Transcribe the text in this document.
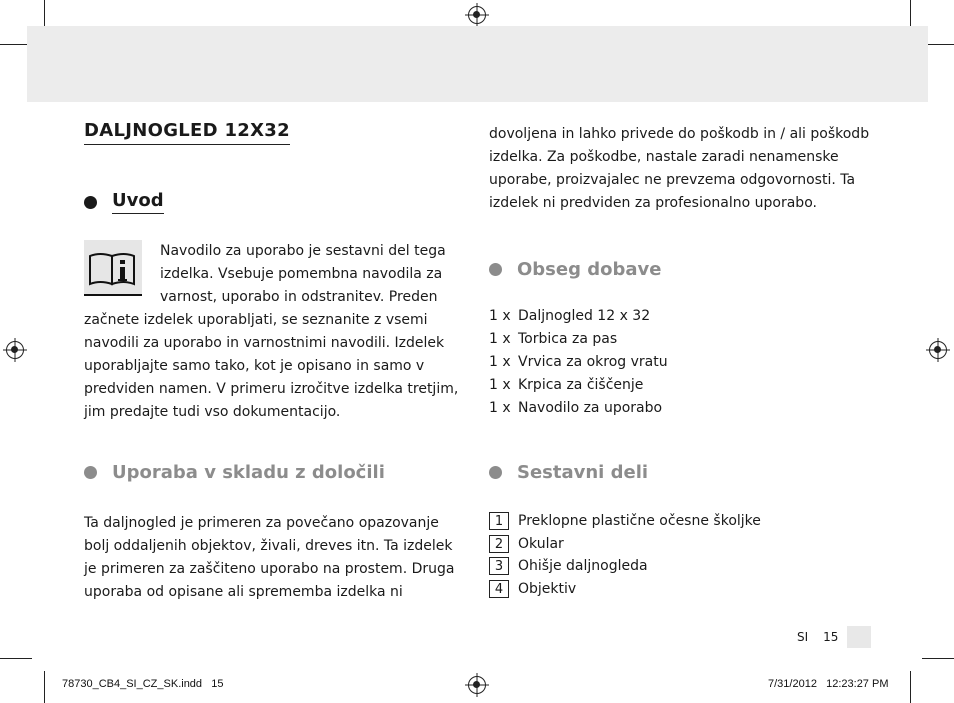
DALJNOGLED 12X32
Uvod

Navodilo za uporabo je sestavni del tega izdelka. Vsebuje pomembna navodila za varnost, uporabo in odstranitev. Preden začnete izdelek uporabljati, se seznanite z vsemi navodili za uporabo in varnostnimi navodili. Izdelek uporabljajte samo tako, kot je opisano in samo v predviden namen. V primeru izročitve izdelka tretjim, jim predajte tudi vso dokumentacijo.

Uporaba v skladu z določili

Ta daljnogled je primeren za povečano opazovanje bolj oddaljenih objektov, živali, dreves itn. Ta izdelek je primeren za zaščiteno uporabo na prostem. Druga uporaba od opisane ali sprememba izdelka ni

dovoljena in lahko privede do poškodb in / ali poškodb izdelka. Za poškodbe, nastale zaradi nenamenske uporabe, proizvajalec ne prevzema odgovornosti. Ta izdelek ni predviden za profesionalno uporabo.

Obseg dobave
1 x Daljnogled 12 x 32
1 x Torbica za pas
1 x Vrvica za okrog vratu
1 x Krpica za čiščenje
1 x Navodilo za uporabo
Sestavni deli
1	Preklopne plastične očesne školjke
2	Okular
3	Ohišje daljnogleda
4	Objektiv
SI 15
78730_CB4_SI_CZ_SK.indd   15	7/31/2012   12:23:27 PM
